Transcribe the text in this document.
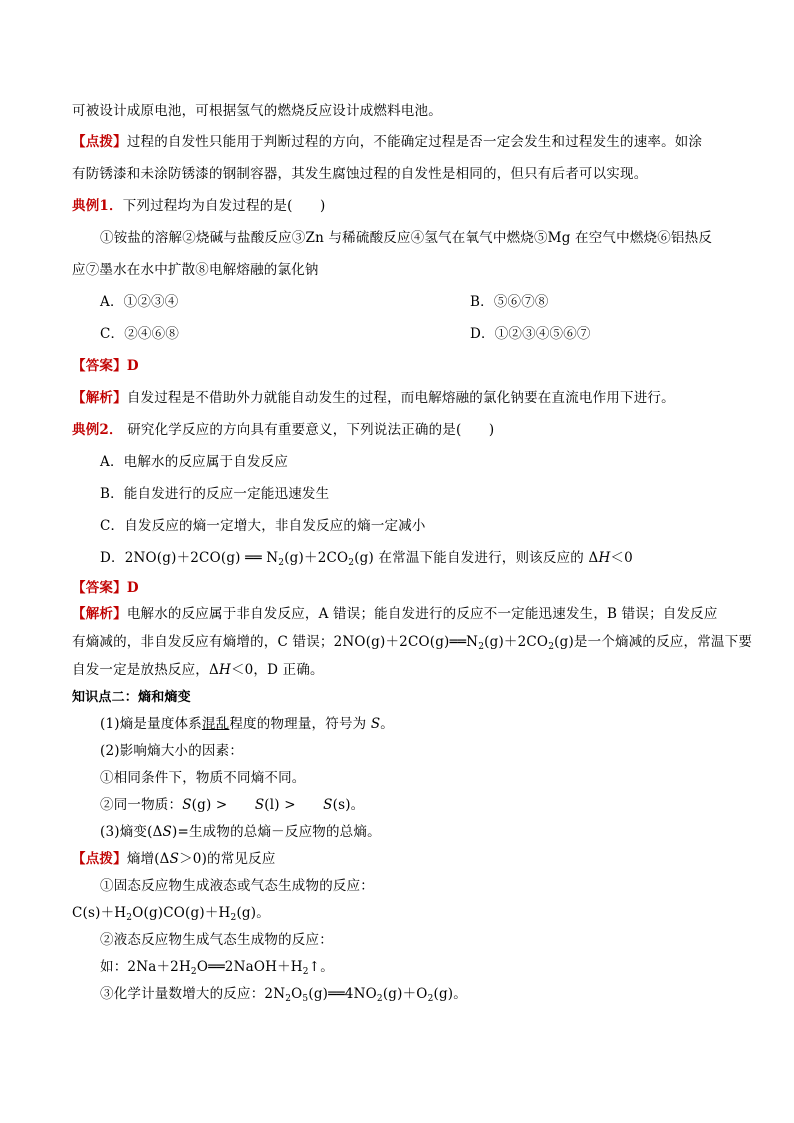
可被设计成原电池，可根据氢气的燃烧反应设计成燃料电池。
【点拨】过程的自发性只能用于判断过程的方向，不能确定过程是否一定会发生和过程发生的速率。如涂
有防锈漆和未涂防锈漆的钢制容器，其发生腐蚀过程的自发性是相同的，但只有后者可以实现。
典例1．下列过程均为自发过程的是(　　)
①铵盐的溶解②烧碱与盐酸反应③Zn 与稀硫酸反应④氢气在氧气中燃烧⑤Mg 在空气中燃烧⑥铝热反
应⑦墨水在水中扩散⑧电解熔融的氯化钠
A．①②③④	B．⑤⑥⑦⑧
C．②④⑥⑧	D．①②③④⑤⑥⑦
【答案】D
【解析】自发过程是不借助外力就能自动发生的过程，而电解熔融的氯化钠要在直流电作用下进行。
典例2． 研究化学反应的方向具有重要意义，下列说法正确的是(　　)
A．电解水的反应属于自发反应
B．能自发进行的反应一定能迅速发生
C．自发反应的熵一定增大，非自发反应的熵一定减小
D．2NO(g)＋2CO(g) ══ $N_2(g)+2CO_2(g)$ 在常温下能自发进行，则该反应的 ΔH＜0
【答案】D
【解析】电解水的反应属于非自发反应，A 错误；能自发进行的反应不一定能迅速发生，B 错误；自发反应
有熵减的，非自发反应有熵增的，C 错误；$2NO(g)+2CO(g)══N_2(g)+2CO_2(g)$是一个熵减的反应，常温下要
自发一定是放热反应，ΔH＜0，D 正确。
知识点二：熵和熵变
(1)熵是量度体系混乱程度的物理量，符号为 S。
(2)影响熵大小的因素：
①相同条件下，物质不同熵不同。
②同一物质：S(g) >　　S(l) >　　S(s)。
(3)熵变(ΔS)=生成物的总熵－反应物的总熵。
【点拨】熵增(ΔS＞0)的常见反应
①固态反应物生成液态或气态生成物的反应：
$C(s)+H_2O(g)CO(g)+H_2(g)$。
②液态反应物生成气态生成物的反应：
如：$2Na+2H_2O══2NaOH+H_2↑$。
③化学计量数增大的反应：$2N_2O_5(g)══4NO_2(g)+O_2(g)$。
